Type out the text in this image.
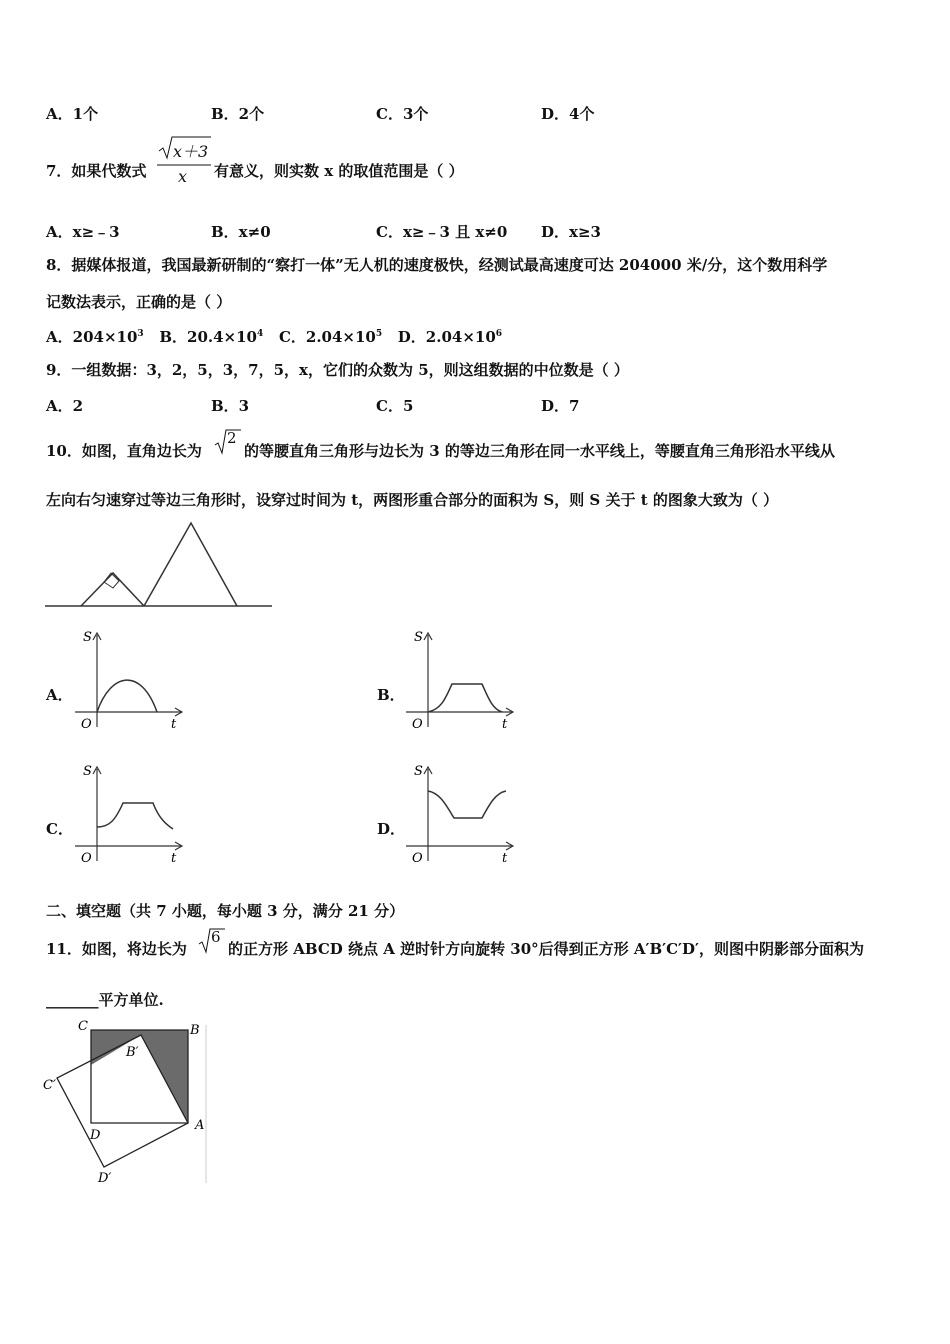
A．1个	B．2个	C．3个	D．4个
7．如果代数式
x＋3
x 有意义，则实数 x 的取值范围是（ ）
A．x≥﹣3	B．x≠0	C．x≥﹣3 且 x≠0 D．x≥3
8．据媒体报道，我国最新研制的“察打一体”无人机的速度极快，经测试最高速度可达 204000 米/分，这个数用科学
记数法表示，正确的是（ ）
A．$204\times 10^3$ B．$20.4\times 10^4$ C．$2.04\times 10^5$ D．$2.04\times 10^6$
9．一组数据：3，2，5，3，7，5，x，它们的众数为 5，则这组数据的中位数是（ ）
A．2	B．3	C．5	D．7
10．如图，直角边长为
2
的等腰直角三角形与边长为 3 的等边三角形在同一水平线上，等腰直角三角形沿水平线从
左向右匀速穿过等边三角形时，设穿过时间为 t，两图形重合部分的面积为 S，则 S 关于 t 的图象大致为（ ）
A．	B．
C．	D．
S
O	t
S
O	t
S
O	t
S
O	t
二、填空题（共 7 小题，每小题 3 分，满分 21 分）
11．如图，将边长为
6
的正方形 ABCD 绕点 A 逆时针方向旋转 30°后得到正方形 A′B′C′D′，则图中阴影部分面积为
_______平方单位.
C	B
B′
C′
D
A
D′
